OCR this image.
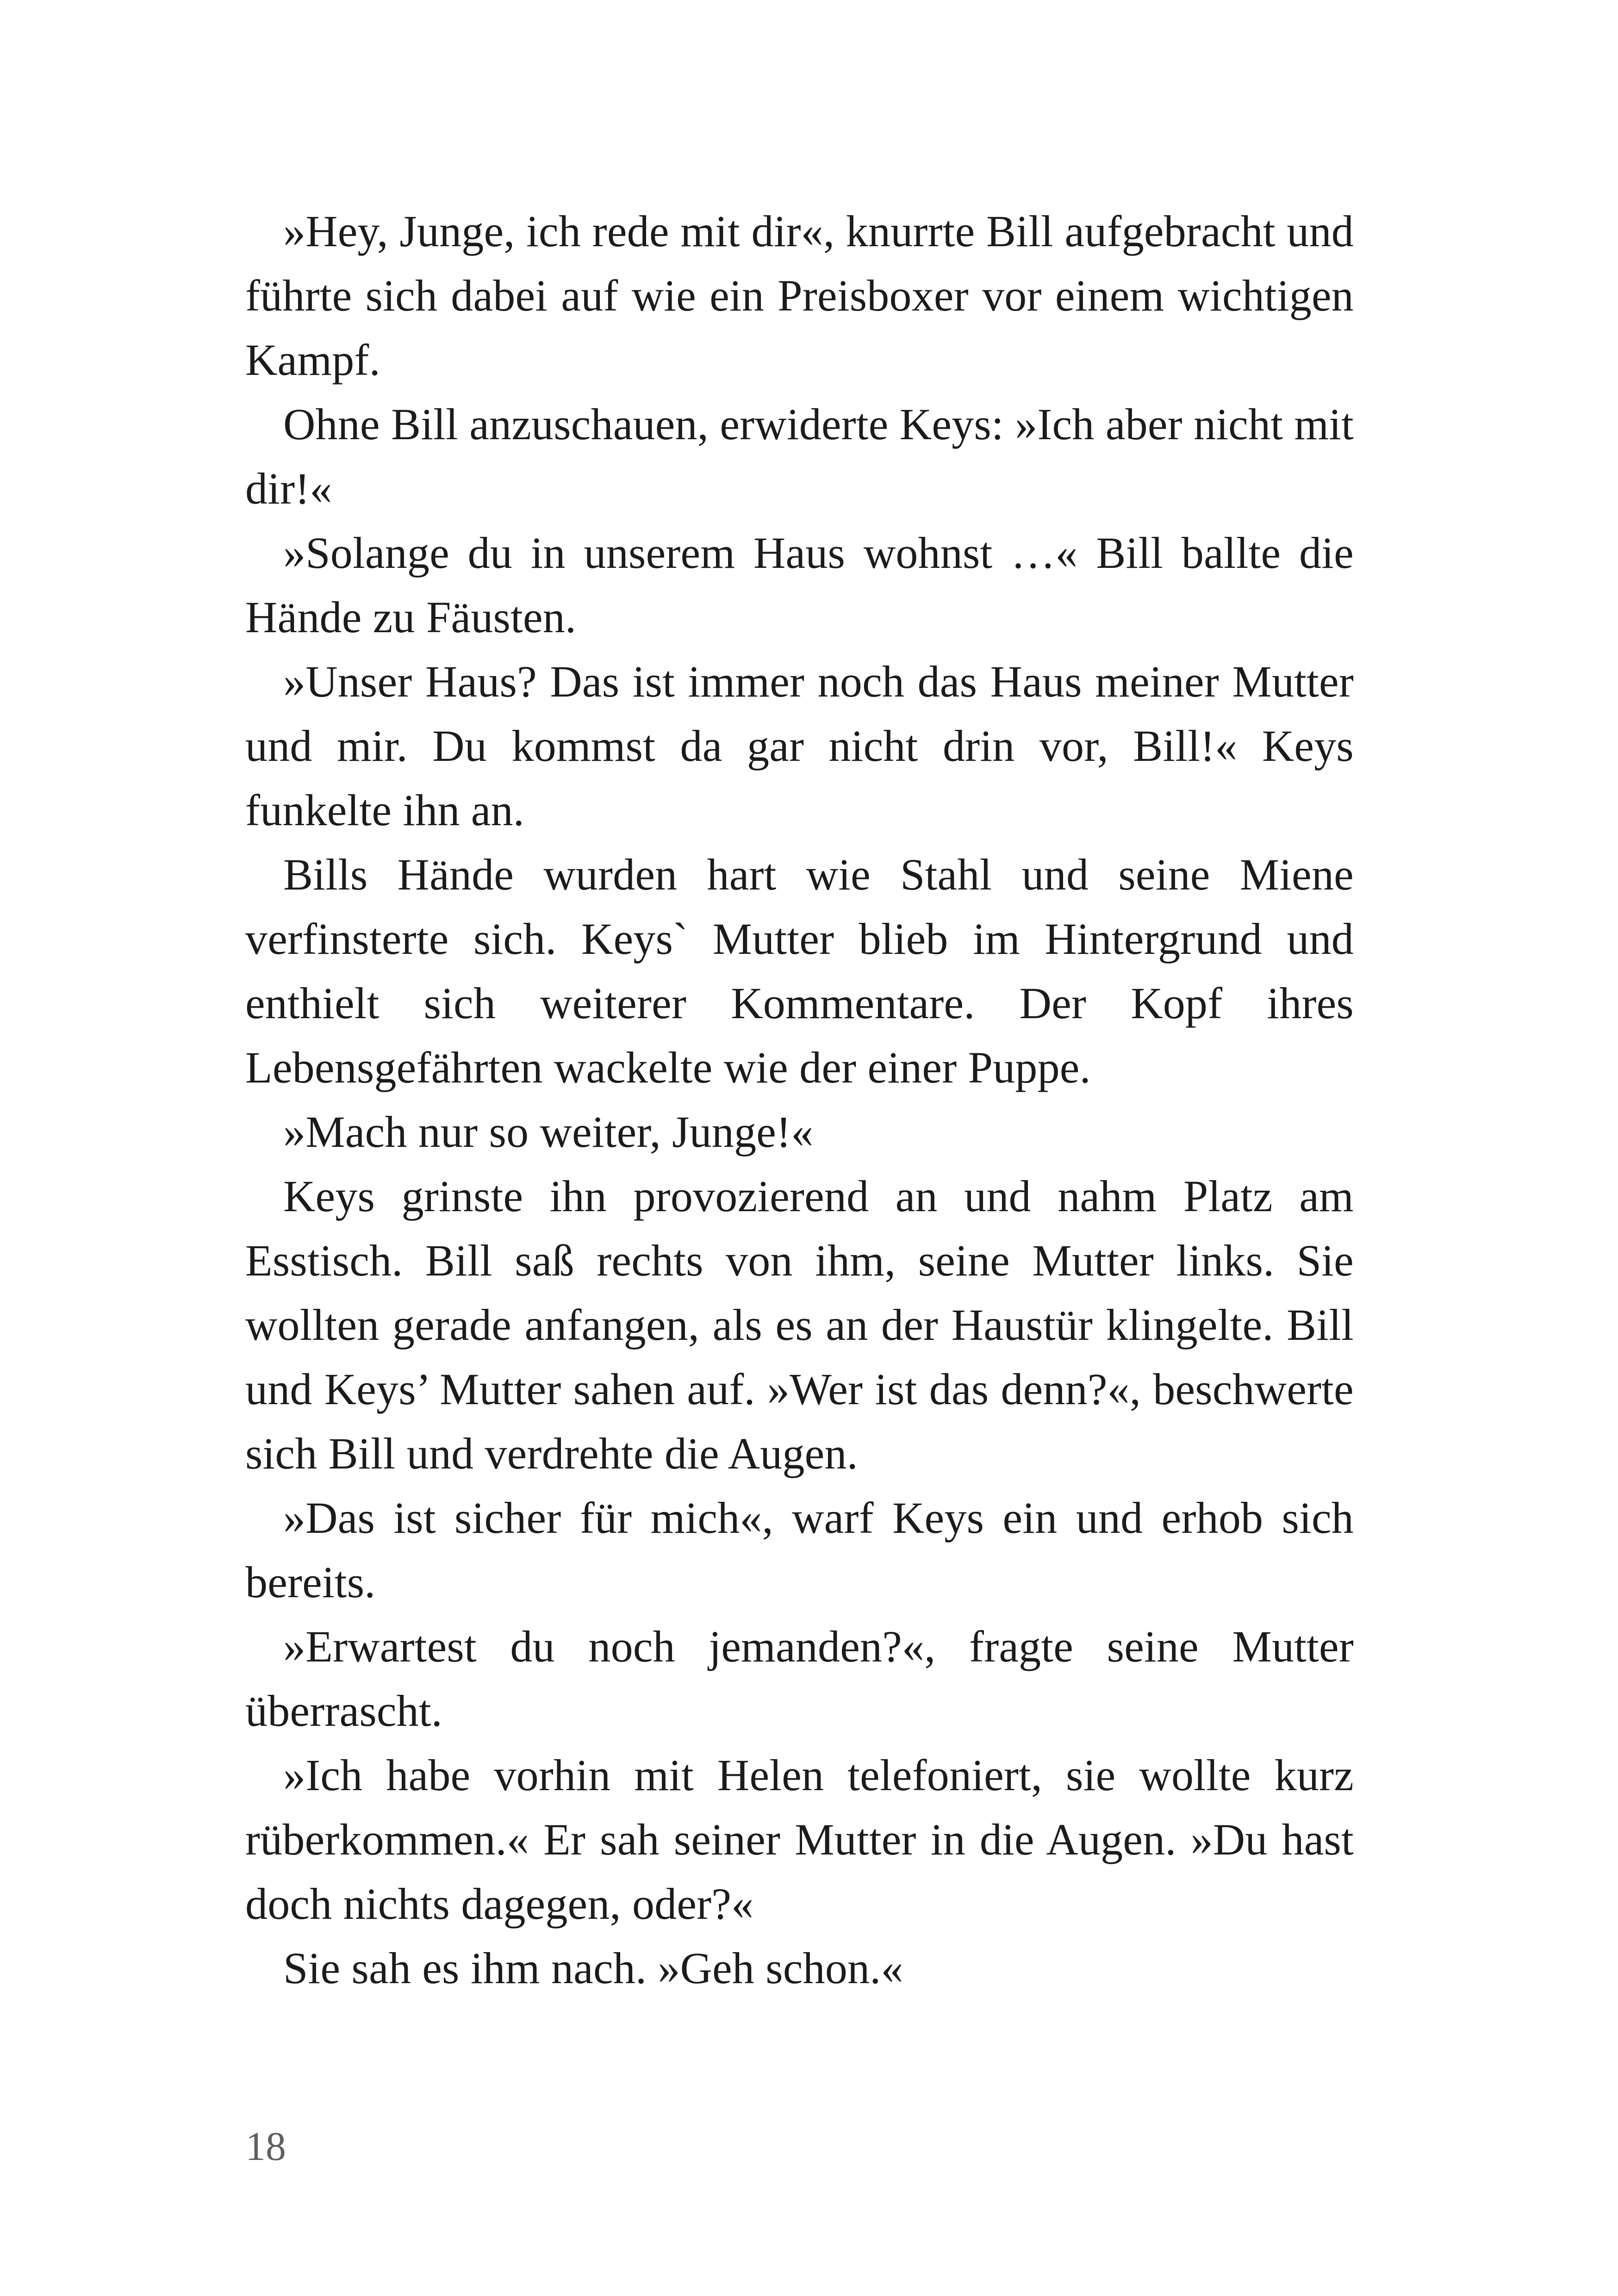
»Hey, Junge, ich rede mit dir«, knurrte Bill aufgebracht und führte sich dabei auf wie ein Preisboxer vor einem wichtigen Kampf.

Ohne Bill anzuschauen, erwiderte Keys: »Ich aber nicht mit dir!«

»Solange du in unserem Haus wohnst …« Bill ballte die Hände zu Fäusten.

»Unser Haus? Das ist immer noch das Haus meiner Mutter und mir. Du kommst da gar nicht drin vor, Bill!« Keys funkelte ihn an.

Bills Hände wurden hart wie Stahl und seine Miene verfinsterte sich. Keys` Mutter blieb im Hintergrund und enthielt sich weiterer Kommentare. Der Kopf ihres Lebensgefährten wackelte wie der einer Puppe.

»Mach nur so weiter, Junge!«

Keys grinste ihn provozierend an und nahm Platz am Esstisch. Bill saß rechts von ihm, seine Mutter links. Sie wollten gerade anfangen, als es an der Haustür klingelte. Bill und Keys’ Mutter sahen auf. »Wer ist das denn?«, beschwerte sich Bill und verdrehte die Augen.

»Das ist sicher für mich«, warf Keys ein und erhob sich bereits.

»Erwartest du noch jemanden?«, fragte seine Mutter überrascht.

»Ich habe vorhin mit Helen telefoniert, sie wollte kurz rüberkommen.« Er sah seiner Mutter in die Augen. »Du hast doch nichts dagegen, oder?«

Sie sah es ihm nach. »Geh schon.«

18
